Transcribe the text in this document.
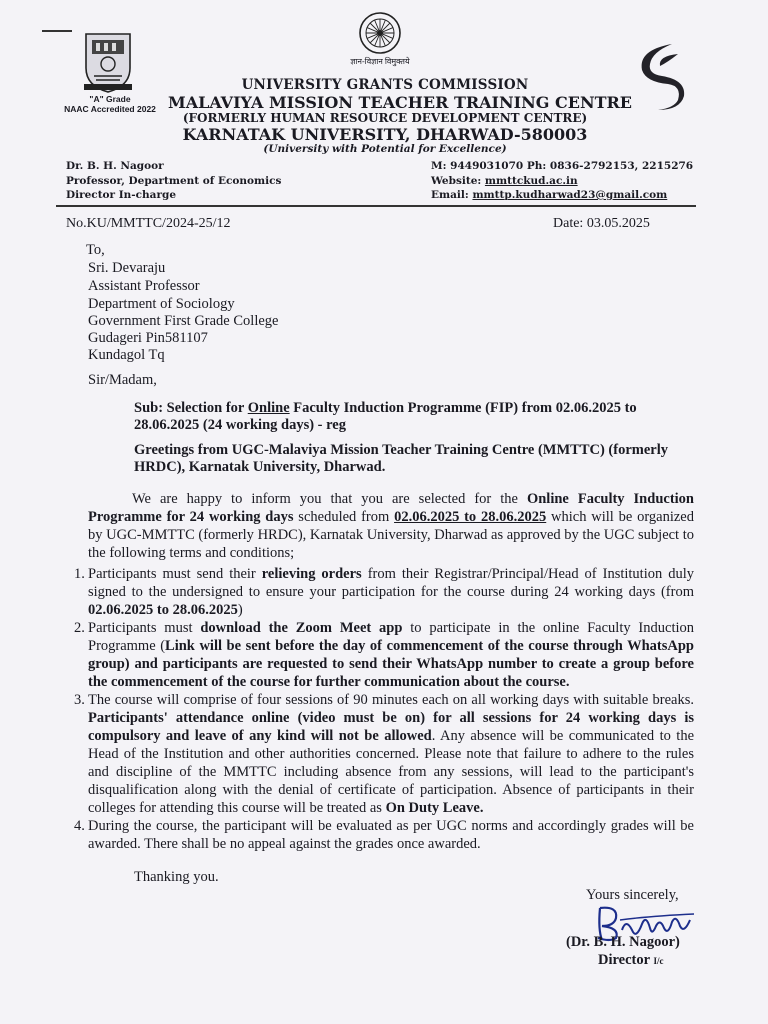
"A" Grade
NAAC Accredited 2022
ज्ञान-विज्ञान विमुक्तये
UNIVERSITY GRANTS COMMISSION
MALAVIYA MISSION TEACHER TRAINING CENTRE
(FORMERLY HUMAN RESOURCE DEVELOPMENT CENTRE)
KARNATAK UNIVERSITY, DHARWAD-580003
(University with Potential for Excellence)
Dr. B. H. Nagoor
Professor, Department of Economics
Director In-charge
M: 9449031070 Ph: 0836-2792153, 2215276
Website: mmttckud.ac.in
Email: mmttp.kudharwad23@gmail.com
No.KU/MMTTC/2024-25/12	Date: 03.05.2025
To,
Sri. Devaraju
Assistant Professor
Department of Sociology
Government First Grade College
Gudageri Pin581107
Kundagol Tq
Sir/Madam,
Sub: Selection for Online Faculty Induction Programme (FIP) from 02.06.2025 to 28.06.2025 (24 working days) - reg
Greetings from UGC-Malaviya Mission Teacher Training Centre (MMTTC) (formerly HRDC), Karnatak University, Dharwad.
We are happy to inform you that you are selected for the Online Faculty Induction Programme for 24 working days scheduled from 02.06.2025 to 28.06.2025 which will be organized by UGC-MMTTC (formerly HRDC), Karnatak University, Dharwad as approved by the UGC subject to the following terms and conditions;
1. Participants must send their relieving orders from their Registrar/Principal/Head of Institution duly signed to the undersigned to ensure your participation for the course during 24 working days (from 02.06.2025 to 28.06.2025)
2. Participants must download the Zoom Meet app to participate in the online Faculty Induction Programme (Link will be sent before the day of commencement of the course through WhatsApp group) and participants are requested to send their WhatsApp number to create a group before the commencement of the course for further communication about the course.
3. The course will comprise of four sessions of 90 minutes each on all working days with suitable breaks. Participants' attendance online (video must be on) for all sessions for 24 working days is compulsory and leave of any kind will not be allowed. Any absence will be communicated to the Head of the Institution and other authorities concerned. Please note that failure to adhere to the rules and discipline of the MMTTC including absence from any sessions, will lead to the participant's disqualification along with the denial of certificate of participation. Absence of participants in their colleges for attending this course will be treated as On Duty Leave.
4. During the course, the participant will be evaluated as per UGC norms and accordingly grades will be awarded. There shall be no appeal against the grades once awarded.
Thanking you.
Yours sincerely,
(Dr. B. H. Nagoor)
Director I/c
